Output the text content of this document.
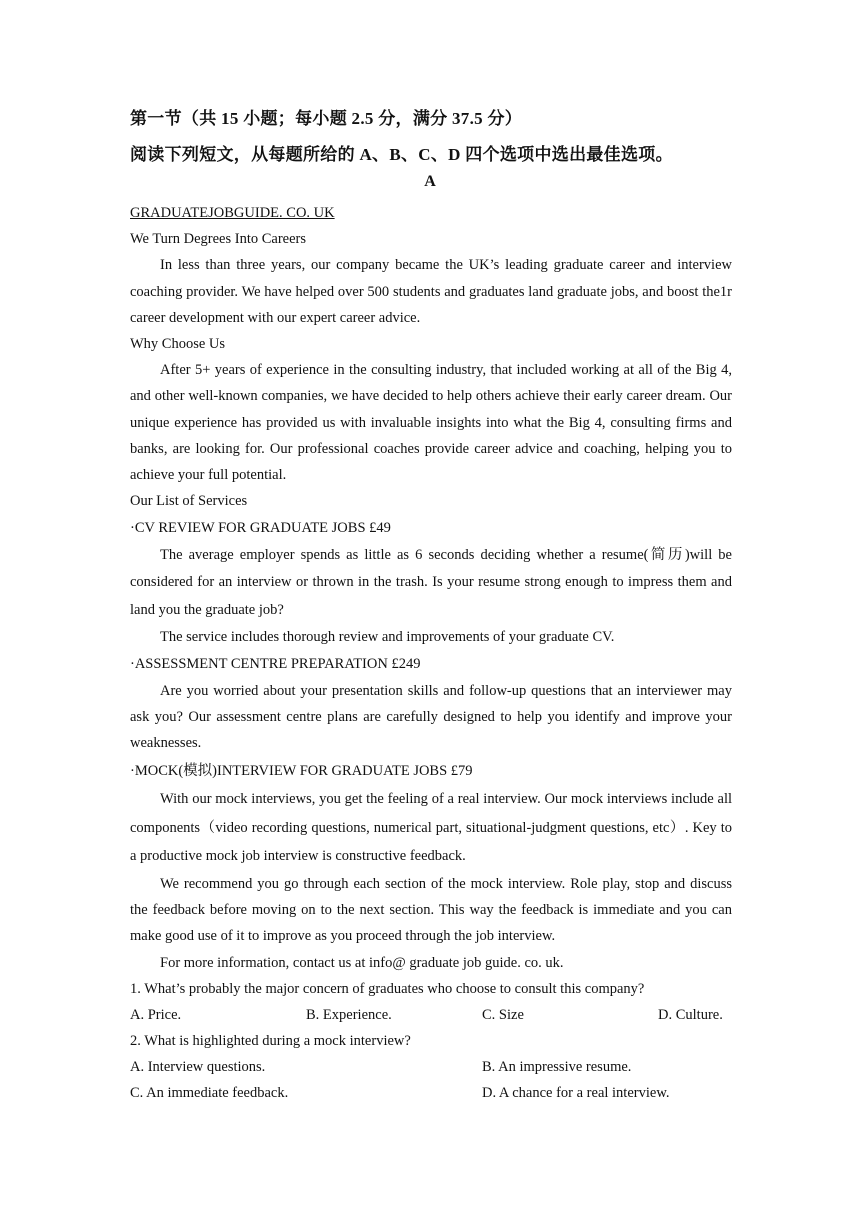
第一节（共 15 小题；每小题 2.5 分，满分 37.5 分）
阅读下列短文，从每题所给的 A、B、C、D 四个选项中选出最佳选项。
A
GRADUATEJOBGUIDE. CO. UK
We Turn Degrees Into Careers
In less than three years, our company became the UK’s leading graduate career and interview coaching provider. We have helped over 500 students and graduates land graduate jobs, and boost the1r career development with our expert career advice.
Why Choose Us
After 5+ years of experience in the consulting industry, that included working at all of the Big 4, and other well-known companies, we have decided to help others achieve their early career dream. Our unique experience has provided us with invaluable insights into what the Big 4, consulting firms and banks, are looking for. Our professional coaches provide career advice and coaching, helping you to achieve your full potential.
Our List of Services
·CV REVIEW FOR GRADUATE JOBS £49
The average employer spends as little as 6 seconds deciding whether a resume(简历)will be considered for an interview or thrown in the trash. Is your resume strong enough to impress them and land you the graduate job?
The service includes thorough review and improvements of your graduate CV.
·ASSESSMENT CENTRE PREPARATION £249
Are you worried about your presentation skills and follow-up questions that an interviewer may ask you? Our assessment centre plans are carefully designed to help you identify and improve your weaknesses.
·MOCK(模拟)INTERVIEW FOR GRADUATE JOBS £79
With our mock interviews, you get the feeling of a real interview. Our mock interviews include all components（video recording questions, numerical part, situational-judgment questions, etc）. Key to a productive mock job interview is constructive feedback.
We recommend you go through each section of the mock interview. Role play, stop and discuss the feedback before moving on to the next section. This way the feedback is immediate and you can make good use of it to improve as you proceed through the job interview.
For more information, contact us at info@ graduate job guide. co. uk.
1. What’s probably the major concern of graduates who choose to consult this company?
A. Price.	B. Experience.	C. Size	D. Culture.
2. What is highlighted during a mock interview?
A. Interview questions.	B. An impressive resume.
C. An immediate feedback.	D. A chance for a real interview.
